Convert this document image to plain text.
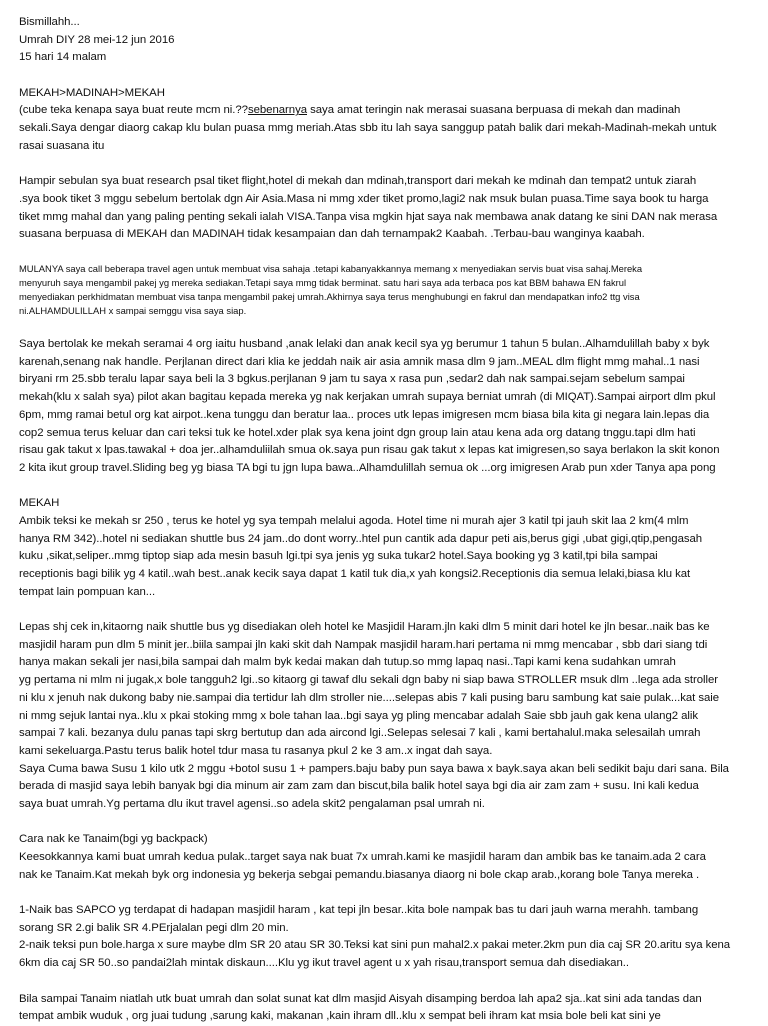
Bismillahh...
Umrah DIY 28 mei-12 jun 2016
15 hari 14 malam
MEKAH>MADINAH>MEKAH
(cube teka kenapa saya buat reute mcm ni.??sebenarnya saya amat teringin nak merasai suasana berpuasa di mekah dan madinah
sekali.Saya dengar diaorg cakap klu bulan puasa mmg meriah.Atas sbb itu lah saya sanggup patah balik dari mekah-Madinah-mekah untuk
rasai suasana itu
Hampir sebulan sya buat research psal tiket flight,hotel di mekah dan mdinah,transport dari mekah ke mdinah dan tempat2 untuk ziarah
.sya book tiket 3 mggu sebelum bertolak dgn Air Asia.Masa ni mmg xder tiket promo,lagi2 nak msuk bulan puasa.Time saya book tu harga
tiket mmg mahal dan yang paling penting sekali ialah VISA.Tanpa visa mgkin hjat saya nak membawa anak datang ke sini DAN nak merasa
suasana berpuasa di MEKAH dan MADINAH tidak kesampaian dan dah ternampak2 Kaabah. .Terbau-bau wanginya kaabah.
MULANYA saya call beberapa travel agen untuk membuat visa sahaja .tetapi kabanyakkannya memang x menyediakan servis buat visa sahaj.Mereka
menyuruh saya mengambil pakej yg mereka sediakan.Tetapi saya mmg tidak berminat. satu hari saya ada terbaca pos kat BBM bahawa EN fakrul
menyediakan perkhidmatan membuat visa tanpa mengambil pakej umrah.Akhirnya saya terus menghubungi en fakrul dan mendapatkan info2 ttg visa
ni.ALHAMDULILLAH x sampai semggu visa saya siap.
Saya bertolak ke mekah seramai 4 org iaitu husband ,anak lelaki dan anak kecil sya yg berumur 1 tahun 5 bulan..Alhamdulillah baby x byk
karenah,senang nak handle. Perjlanan direct dari klia ke jeddah naik air asia amnik masa dlm 9 jam..MEAL dlm flight mmg mahal..1 nasi
biryani rm 25.sbb teralu lapar saya beli la 3 bgkus.perjlanan 9 jam tu saya x rasa pun ,sedar2 dah nak sampai.sejam sebelum sampai
mekah(klu x salah sya) pilot akan bagitau kepada mereka yg nak kerjakan umrah supaya berniat umrah (di MIQAT).Sampai airport dlm pkul
6pm, mmg ramai betul org kat airpot..kena tunggu dan beratur laa.. proces utk lepas imigresen mcm biasa bila kita gi negara lain.lepas dia
cop2 semua terus keluar dan cari teksi tuk ke hotel.xder plak sya kena joint dgn group lain atau kena ada org datang tnggu.tapi dlm hati
risau gak takut x lpas.tawakal + doa jer..alhamduliilah smua ok.saya pun risau gak takut x lepas kat imigresen,so saya berlakon la skit konon
2 kita ikut group travel.Sliding beg yg biasa TA bgi tu jgn lupa bawa..Alhamdulillah semua ok ...org imigresen Arab pun xder Tanya apa pong
MEKAH
Ambik teksi ke mekah sr 250 , terus ke hotel yg sya tempah melalui agoda. Hotel time ni murah ajer 3 katil tpi jauh skit laa 2 km(4 mlm
hanya RM 342)..hotel ni sediakan shuttle bus 24 jam..do dont worry..htel pun cantik ada dapur peti ais,berus gigi ,ubat gigi,qtip,pengasah
kuku ,sikat,seliper..mmg tiptop siap ada mesin basuh lgi.tpi sya jenis yg suka tukar2 hotel.Saya booking yg 3 katil,tpi bila sampai
receptionis bagi bilik yg 4 katil..wah best..anak kecik saya dapat 1 katil tuk dia,x yah kongsi2.Receptionis dia semua lelaki,biasa klu kat
tempat lain pompuan kan...
Lepas shj cek in,kitaorng naik shuttle bus yg disediakan oleh hotel ke Masjidil Haram.jln kaki dlm 5 minit dari hotel ke jln besar..naik bas ke
masjidil haram pun dlm 5 minit jer..biila sampai jln kaki skit dah Nampak masjidil haram.hari pertama ni mmg mencabar , sbb dari siang tdi
hanya makan sekali jer nasi,bila sampai dah malm byk kedai makan dah tutup.so mmg lapaq nasi..Tapi kami kena sudahkan umrah
yg pertama ni mlm ni jugak,x bole tangguh2 lgi..so kitaorg gi tawaf dlu sekali dgn baby ni siap bawa STROLLER msuk dlm ..lega ada stroller
ni klu x jenuh nak dukong baby nie.sampai dia tertidur lah dlm stroller nie....selepas abis 7 kali pusing baru sambung kat saie pulak...kat saie
ni mmg sejuk lantai nya..klu x pkai stoking mmg x bole tahan laa..bgi saya yg pling mencabar adalah Saie sbb jauh gak kena ulang2 alik
sampai 7 kali. bezanya dulu panas tapi skrg bertutup dan ada aircond lgi..Selepas selesai 7 kali , kami bertahalul.maka selesailah umrah
kami sekeluarga.Pastu terus balik hotel tdur masa tu rasanya pkul 2 ke 3 am..x ingat dah saya.
Saya Cuma bawa Susu 1 kilo utk 2 mggu +botol susu 1 + pampers.baju baby pun saya bawa x bayk.saya akan beli sedikit baju dari sana. Bila
berada di masjid saya lebih banyak bgi dia minum air zam zam dan biscut,bila balik hotel saya bgi dia air zam zam + susu. Ini kali kedua
saya buat umrah.Yg pertama dlu ikut travel agensi..so adela skit2 pengalaman psal umrah ni.
Cara nak ke Tanaim(bgi yg backpack)
Keesokkannya kami buat umrah kedua pulak..target saya nak buat 7x umrah.kami ke masjidil haram dan ambik bas ke tanaim.ada 2 cara
nak ke Tanaim.Kat mekah byk org indonesia yg bekerja sebgai pemandu.biasanya diaorg ni bole ckap arab.,korang bole Tanya mereka .
1-Naik bas SAPCO yg terdapat di hadapan masjidil haram , kat tepi jln besar..kita bole nampak bas tu dari jauh warna merahh. tambang
sorang SR 2.gi balik SR 4.PErjalalan pegi dlm 20 min.
2-naik teksi pun bole.harga x sure maybe dlm SR 20 atau SR 30.Teksi kat sini pun mahal2.x pakai meter.2km pun dia caj SR 20.aritu sya kena
6km dia caj SR 50..so pandai2lah mintak diskaun....Klu yg ikut travel agent u x yah risau,transport semua dah disediakan..
Bila sampai Tanaim niatlah utk buat umrah dan solat sunat kat dlm masjid Aisyah disamping berdoa lah apa2 sja..kat sini ada tandas dan
tempat ambik wuduk , org juai tudung ,sarung kaki, makanan ,kain ihram dll..klu x sempat beli ihram kat msia bole beli kat sini ye
